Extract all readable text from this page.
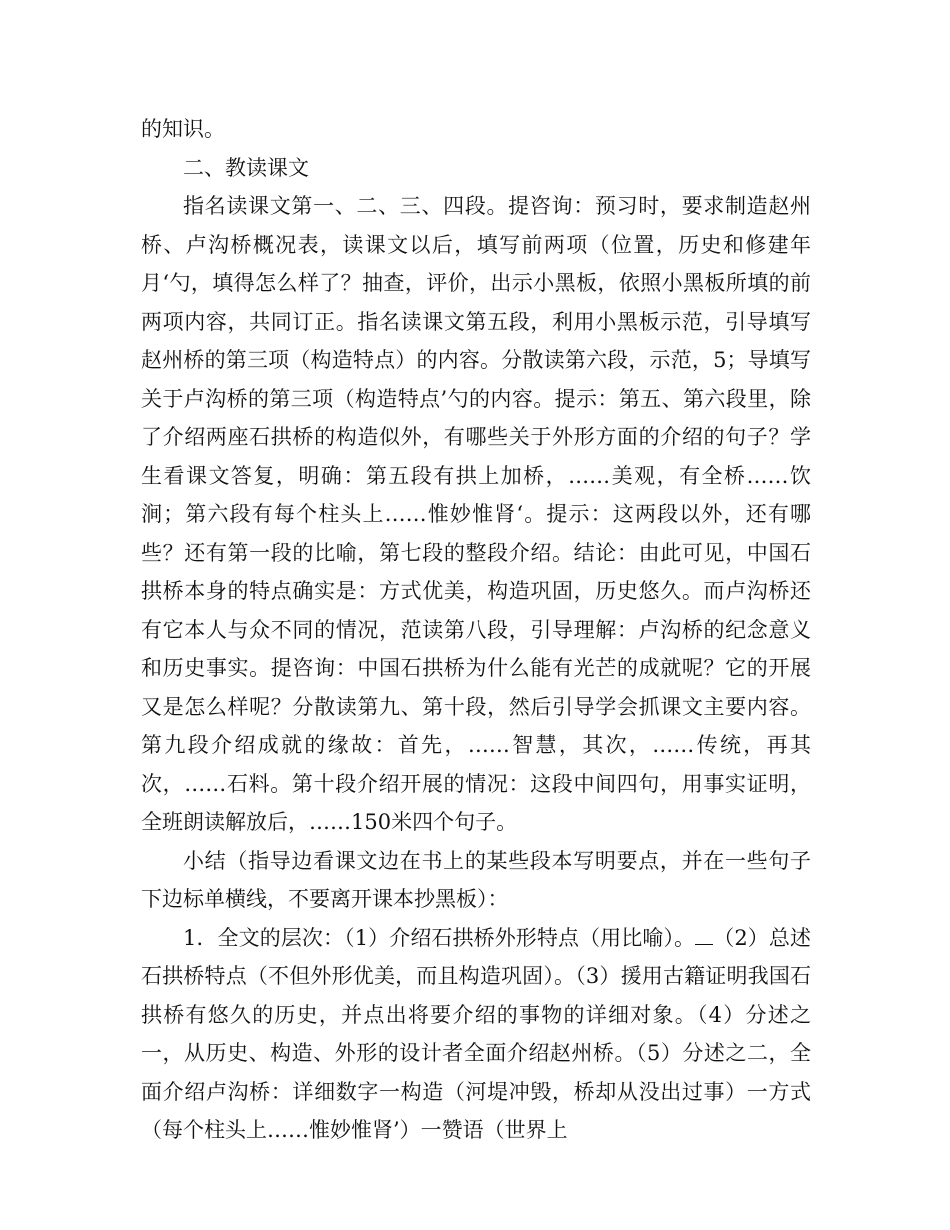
的知识。

二、教读课文

指名读课文第一、二、三、四段。提咨询：预习时，要求制造赵州桥、卢沟桥概况表，读课文以后，填写前两项（位置，历史和修建年月‘勺，填得怎么样了？抽查，评价，出示小黑板，依照小黑板所填的前两项内容，共同订正。指名读课文第五段，利用小黑板示范，引导填写赵州桥的第三项（构造特点）的内容。分散读第六段，示范，5；导填写关于卢沟桥的第三项（构造特点’勺的内容。提示：第五、第六段里，除了介绍两座石拱桥的构造似外，有哪些关于外形方面的介绍的句子？学生看课文答复，明确：第五段有拱上加桥，……美观，有全桥……饮涧；第六段有每个柱头上……惟妙惟肾‘。提示：这两段以外，还有哪些？还有第一段的比喻，第七段的整段介绍。结论：由此可见，中国石拱桥本身的特点确实是：方式优美，构造巩固，历史悠久。而卢沟桥还有它本人与众不同的情况，范读第八段，引导理解：卢沟桥的纪念意义和历史事实。提咨询：中国石拱桥为什么能有光芒的成就呢？它的开展又是怎么样呢？分散读第九、第十段，然后引导学会抓课文主要内容。第九段介绍成就的缘故：首先，……智慧，其次，……传统，再其次，……石料。第十段介绍开展的情况：这段中间四句，用事实证明，全班朗读解放后，……150米四个句子。

小结（指导边看课文边在书上的某些段本写明要点，并在一些句子下边标单横线，不要离开课本抄黑板）：

1．全文的层次：（1）介绍石拱桥外形特点（用比喻）。 （2）总述石拱桥特点（不但外形优美，而且构造巩固）。（3）援用古籍证明我国石拱桥有悠久的历史，并点出将要介绍的事物的详细对象。（4）分述之一，从历史、构造、外形的设计者全面介绍赵州桥。（5）分述之二，全面介绍卢沟桥：详细数字一构造（河堤冲毁，桥却从没出过事）一方式（每个柱头上……惟妙惟肾’）一赞语（世界上
